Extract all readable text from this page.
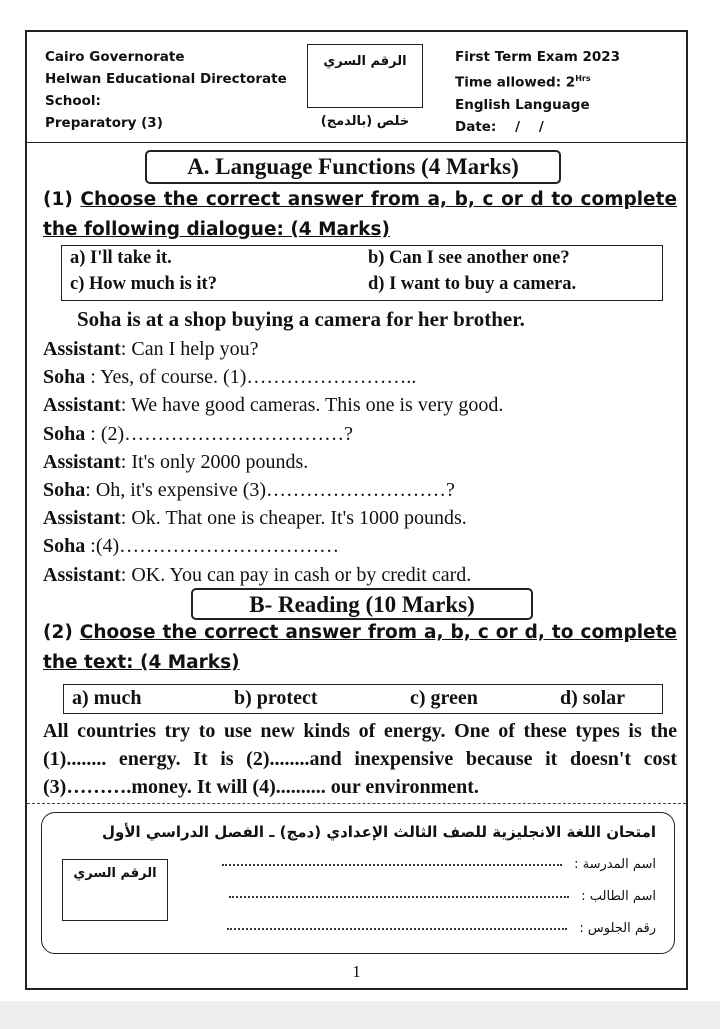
Cairo Governorate
Helwan Educational Directorate
School:
Preparatory (3)
الرقم السري
خلص (بالدمج)
First Term Exam 2023
Time allowed: $2^{Hrs}$
English Language
Date:    /    /
A. Language Functions (4 Marks)
(1) Choose the correct answer from a, b, c or d to complete the following dialogue: (4 Marks)
a) I'll take it.	b) Can I see another one?
c) How much is it?	d) I want to buy a camera.
Soha is at a shop buying a camera for her brother.
Assistant: Can I help you?
Soha : Yes, of course. (1)……………………..
Assistant: We have good cameras. This one is very good.
Soha : (2)……………………………?
Assistant: It's only 2000 pounds.
Soha: Oh, it's expensive (3)………………………?
Assistant: Ok. That one is cheaper. It's 1000 pounds.
Soha :(4)……………………………
Assistant: OK. You can pay in cash or by credit card.
B- Reading (10 Marks)
(2) Choose the correct answer from a, b, c or d, to complete the text: (4 Marks)
a) much	b) protect	c) green	d) solar
All countries try to use new kinds of energy. One of these types is the (1)........ energy. It is (2)........and inexpensive because it doesn't cost (3)……….money. It will (4).......... our environment.
امتحان اللغة الانجليزية للصف الثالث الإعدادي (دمج) ـ الفصل الدراسي الأول
الرقم السري
اسم المدرسة :
اسم الطالب :
رقم الجلوس :
1
